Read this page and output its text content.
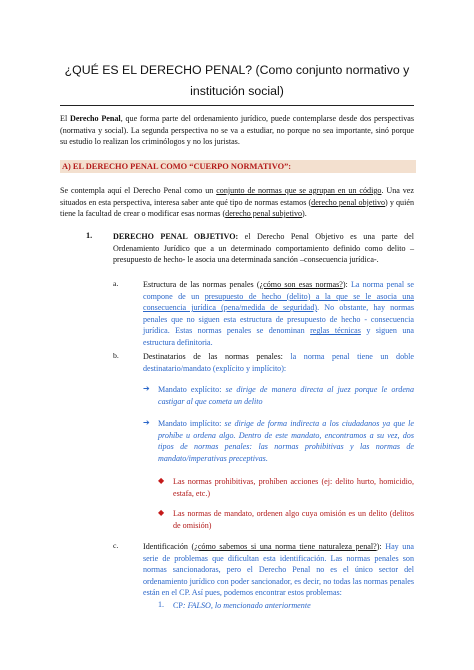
¿QUÉ ES EL DERECHO PENAL? (Como conjunto normativo y institución social)
El Derecho Penal, que forma parte del ordenamiento jurídico, puede contemplarse desde dos perspectivas (normativa y social). La segunda perspectiva no se va a estudiar, no porque no sea importante, sinó porque su estudio lo realizan los criminólogos y no los juristas.
A) EL DERECHO PENAL COMO “CUERPO NORMATIVO”:
Se contempla aquí el Derecho Penal como un conjunto de normas que se agrupan en un código. Una vez situados en esta perspectiva, interesa saber ante qué tipo de normas estamos (derecho penal objetivo) y quién tiene la facultad de crear o modificar esas normas (derecho penal subjetivo).
1.	DERECHO PENAL OBJETIVO: el Derecho Penal Objetivo es una parte del Ordenamiento Jurídico que a un determinado comportamiento definido como delito –presupuesto de hecho- le asocia una determinada sanción –consecuencia jurídica-.
a.	Estructura de las normas penales (¿cómo son esas normas?): La norma penal se compone de un presupuesto de hecho (delito) a la que se le asocia una consecuencia jurídica (pena/medida de seguridad). No obstante, hay normas penales que no siguen esta estructura de presupuesto de hecho - consecuencia jurídica. Estas normas penales se denominan reglas técnicas y siguen una estructura definitoria.
b.	Destinatarios de las normas penales: la norma penal tiene un doble destinatario/mandato (explícito y implícito):
➔ Mandato explícito: se dirige de manera directa al juez porque le ordena castigar al que cometa un delito
➔ Mandato implícito: se dirige de forma indirecta a los ciudadanos ya que le prohíbe u ordena algo. Dentro de este mandato, encontramos a su vez, dos tipos de normas penales: las normas prohibitivas y las normas de mandato/imperativas preceptivas.
◆ Las normas prohibitivas, prohíben acciones (ej: delito hurto, homicidio, estafa, etc.)
◆ Las normas de mandato, ordenen algo cuya omisión es un delito (delitos de omisión)
c.	Identificación (¿cómo sabemos si una norma tiene naturaleza penal?): Hay una serie de problemas que dificultan esta identificación. Las normas penales son normas sancionadoras, pero el Derecho Penal no es el único sector del ordenamiento jurídico con poder sancionador, es decir, no todas las normas penales están en el CP. Así pues, podemos encontrar estos problemas:
1. CP: FALSO, lo mencionado anteriormente
